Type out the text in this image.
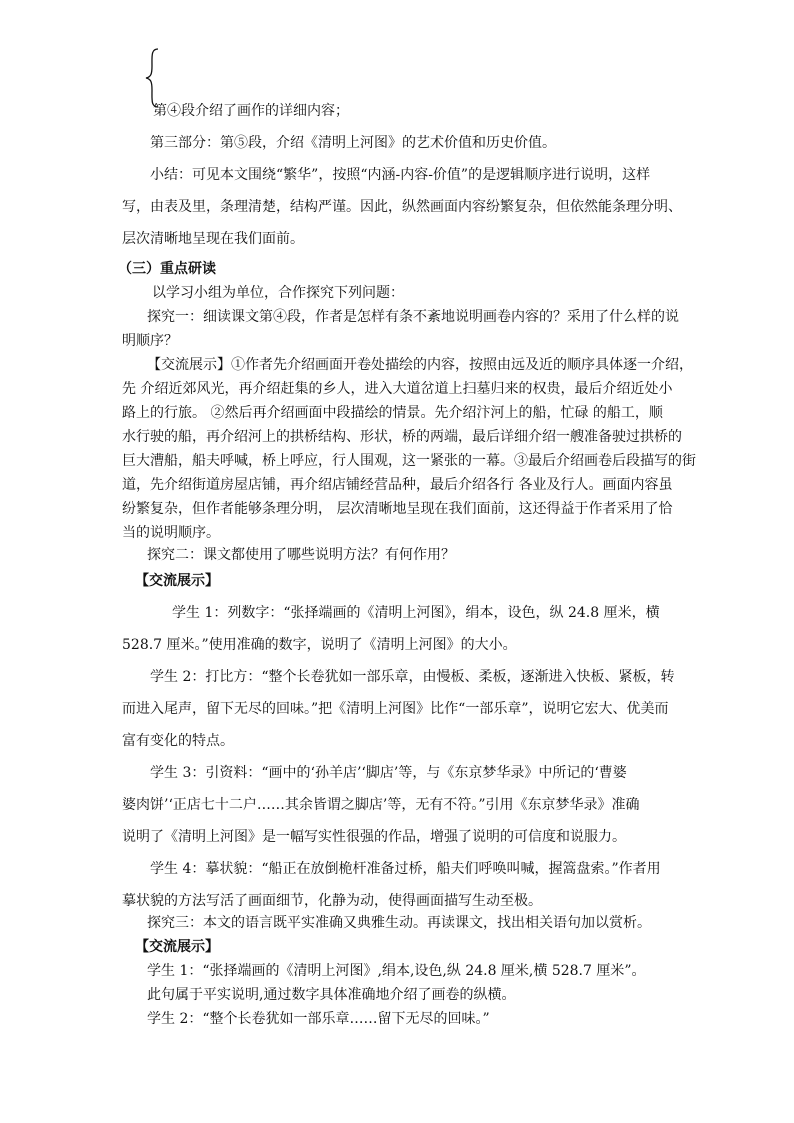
第④段介绍了画作的详细内容；
第三部分：第⑤段，介绍《清明上河图》的艺术价值和历史价值。
小结：可见本文围绕“繁华”，按照“内涵-内容-价值”的是逻辑顺序进行说明，这样
写，由表及里，条理清楚，结构严谨。因此，纵然画面内容纷繁复杂，但依然能条理分明、
层次清晰地呈现在我们面前。
（三）重点研读
以学习小组为单位，合作探究下列问题：
探究一：细读课文第④段，作者是怎样有条不紊地说明画卷内容的？采用了什么样的说
明顺序？
【交流展示】①作者先介绍画面开卷处描绘的内容，按照由远及近的顺序具体逐一介绍，
先 介绍近郊风光，再介绍赶集的乡人，进入大道岔道上扫墓归来的权贵，最后介绍近处小
路上的行旅。 ②然后再介绍画面中段描绘的情景。先介绍汴河上的船，忙碌 的船工，顺
水行驶的船，再介绍河上的拱桥结构、形状，桥的两端，最后详细介绍一艘准备驶过拱桥的
巨大漕船，船夫呼喊，桥上呼应，行人围观，这一紧张的一幕。③最后介绍画卷后段描写的街
道，先介绍街道房屋店铺，再介绍店铺经营品种，最后介绍各行 各业及行人。画面内容虽
纷繁复杂，但作者能够条理分明， 层次清晰地呈现在我们面前，这还得益于作者采用了恰
当的说明顺序。
探究二：课文都使用了哪些说明方法？有何作用？
【交流展示】
学生 1：列数字：“张择端画的《清明上河图》，绢本，设色，纵 24.8 厘米，横
528.7 厘米。”使用准确的数字，说明了《清明上河图》的大小。
学生 2：打比方：“整个长卷犹如一部乐章，由慢板、柔板，逐渐进入快板、紧板，转
而进入尾声，留下无尽的回味。”把《清明上河图》比作“一部乐章”，说明它宏大、优美而
富有变化的特点。
学生 3：引资料：“画中的‘孙羊店’‘脚店’等，与《东京梦华录》中所记的‘曹婆
婆肉饼’‘正店七十二户……其余皆谓之脚店’等，无有不符。”引用《东京梦华录》准确
说明了《清明上河图》是一幅写实性很强的作品，增强了说明的可信度和说服力。
学生 4：摹状貌：“船正在放倒桅杆准备过桥，船夫们呼唤叫喊，握篙盘索。”作者用
摹状貌的方法写活了画面细节，化静为动，使得画面描写生动至极。
探究三：本文的语言既平实准确又典雅生动。再读课文，找出相关语句加以赏析。
【交流展示】
学生 1：“张择端画的《清明上河图》,绢本,设色,纵 24.8 厘米,横 528.7 厘米”。
此句属于平实说明,通过数字具体准确地介绍了画卷的纵横。
学生 2：“整个长卷犹如一部乐章……留下无尽的回味。”
